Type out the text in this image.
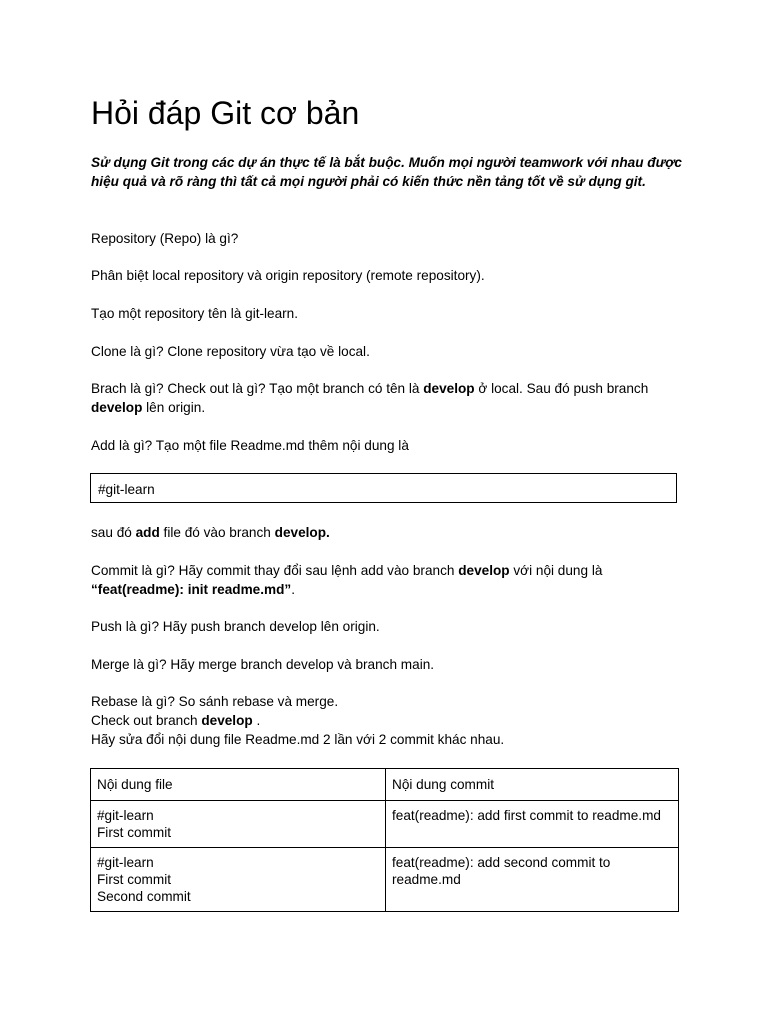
Hỏi đáp Git cơ bản

Sử dụng Git trong các dự án thực tế là bắt buộc. Muốn mọi người teamwork với nhau được hiệu quả và rõ ràng thì tất cả mọi người phải có kiến thức nền tảng tốt về sử dụng git.

Repository (Repo) là gì?

Phân biệt local repository và origin repository (remote repository).

Tạo một repository tên là git-learn.

Clone là gì? Clone repository vừa tạo về local.

Brach là gì? Check out là gì? Tạo một branch có tên là develop ở local. Sau đó push branch develop lên origin.

Add là gì? Tạo một file Readme.md thêm nội dung là

#git-learn

sau đó add file đó vào branch develop.

Commit là gì? Hãy commit thay đổi sau lệnh add vào branch develop với nội dung là
“feat(readme): init readme.md”.

Push là gì? Hãy push branch develop lên origin.

Merge là gì? Hãy merge branch develop và branch main.

Rebase là gì? So sánh rebase và merge.
Check out branch develop .
Hãy sửa đổi nội dung file Readme.md 2 lần với 2 commit khác nhau.

Nội dung file	Nội dung commit

#git-learn
First commit	feat(readme): add first commit to readme.md

#git-learn
First commit
Second commit	feat(readme): add second commit to readme.md
